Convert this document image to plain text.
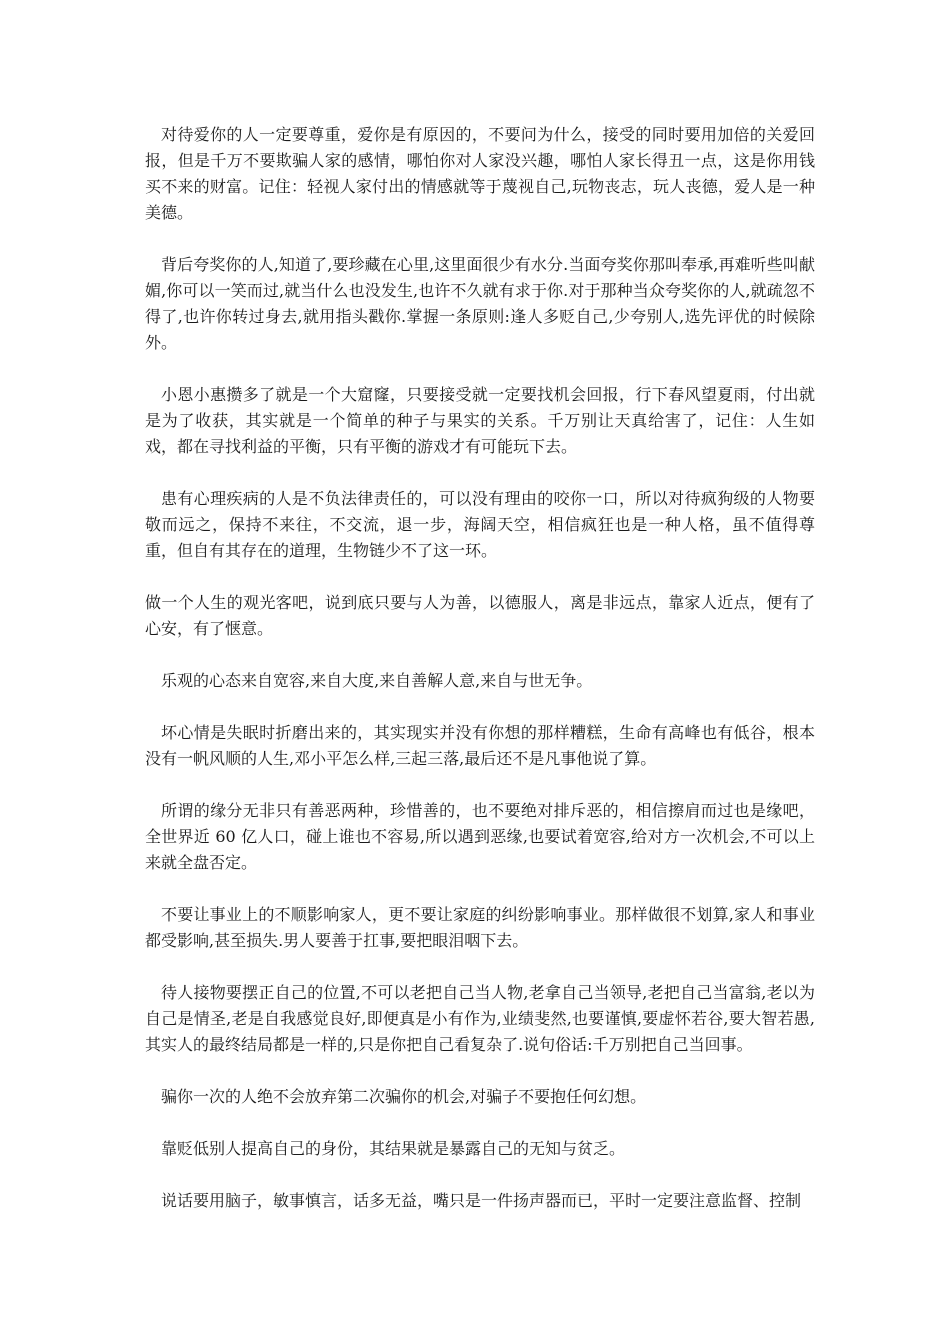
对待爱你的人一定要尊重，爱你是有原因的，不要问为什么，接受的同时要用加倍的关爱回报，但是千万不要欺骗人家的感情，哪怕你对人家没兴趣，哪怕人家长得丑一点，这是你用钱买不来的财富。记住：轻视人家付出的情感就等于蔑视自己,玩物丧志，玩人丧德，爱人是一种美德。

背后夸奖你的人,知道了,要珍藏在心里,这里面很少有水分.当面夸奖你那叫奉承,再难听些叫献媚,你可以一笑而过,就当什么也没发生,也许不久就有求于你.对于那种当众夸奖你的人,就疏忽不得了,也许你转过身去,就用指头戳你.掌握一条原则:逢人多贬自己,少夸别人,选先评优的时候除外。

小恩小惠攒多了就是一个大窟窿，只要接受就一定要找机会回报，行下春风望夏雨，付出就是为了收获，其实就是一个简单的种子与果实的关系。千万别让天真给害了，记住：人生如戏，都在寻找利益的平衡，只有平衡的游戏才有可能玩下去。

患有心理疾病的人是不负法律责任的，可以没有理由的咬你一口，所以对待疯狗级的人物要敬而远之，保持不来往，不交流，退一步，海阔天空，相信疯狂也是一种人格，虽不值得尊重，但自有其存在的道理，生物链少不了这一环。

做一个人生的观光客吧，说到底只要与人为善，以德服人，离是非远点，靠家人近点，便有了心安，有了惬意。

乐观的心态来自宽容,来自大度,来自善解人意,来自与世无争。

坏心情是失眠时折磨出来的，其实现实并没有你想的那样糟糕，生命有高峰也有低谷，根本没有一帆风顺的人生,邓小平怎么样,三起三落,最后还不是凡事他说了算。

所谓的缘分无非只有善恶两种，珍惜善的，也不要绝对排斥恶的，相信擦肩而过也是缘吧，全世界近 60 亿人口，碰上谁也不容易,所以遇到恶缘,也要试着宽容,给对方一次机会,不可以上来就全盘否定。

不要让事业上的不顺影响家人，更不要让家庭的纠纷影响事业。那样做很不划算,家人和事业都受影响,甚至损失.男人要善于扛事,要把眼泪咽下去。

待人接物要摆正自己的位置,不可以老把自己当人物,老拿自己当领导,老把自己当富翁,老以为自己是情圣,老是自我感觉良好,即便真是小有作为,业绩斐然,也要谨慎,要虚怀若谷,要大智若愚,其实人的最终结局都是一样的,只是你把自己看复杂了.说句俗话:千万别把自己当回事。

骗你一次的人绝不会放弃第二次骗你的机会,对骗子不要抱任何幻想。

靠贬低别人提高自己的身份，其结果就是暴露自己的无知与贫乏。

说话要用脑子，敏事慎言，话多无益，嘴只是一件扬声器而已，平时一定要注意监督、控制
